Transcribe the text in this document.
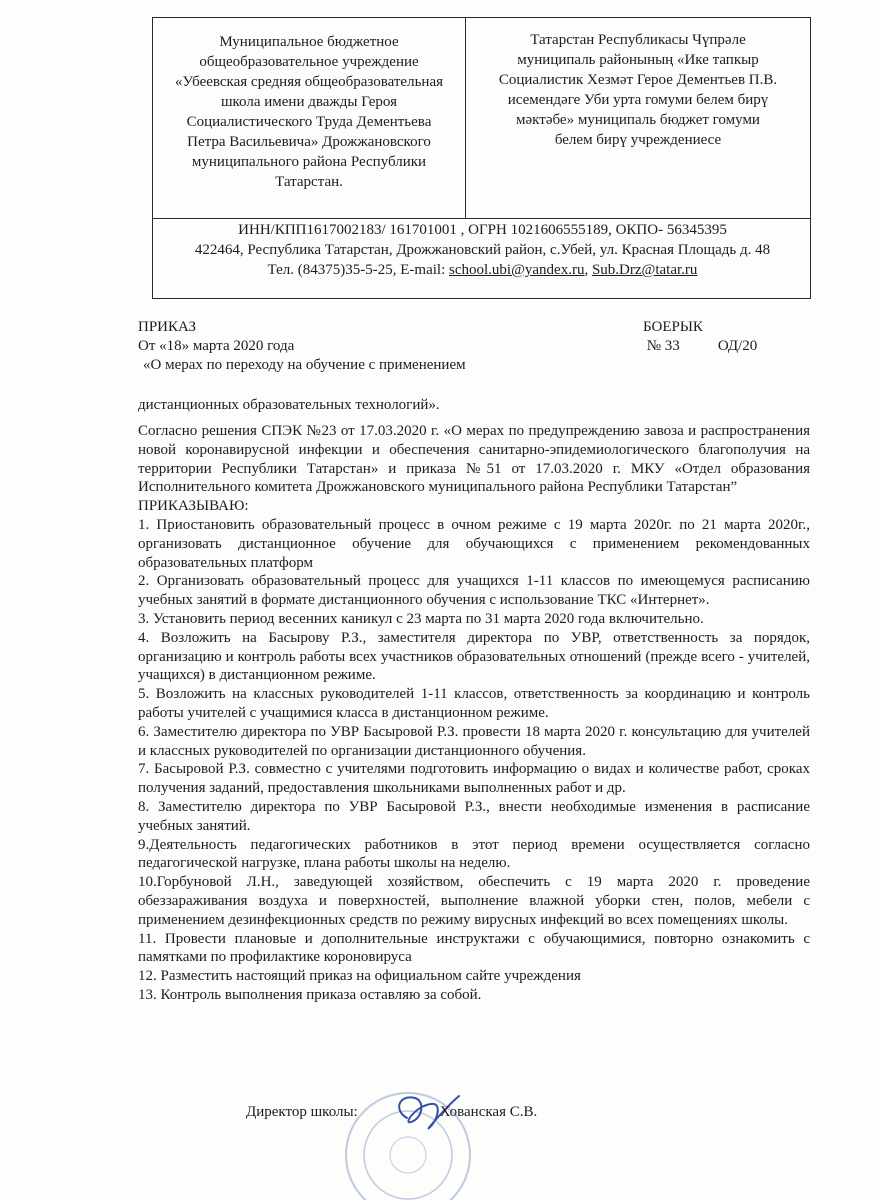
Муниципальное бюджетное
общеобразовательное учреждение
«Убеевская средняя общеобразовательная
школа имени дважды Героя
Социалистического Труда Дементьева
Петра Васильевича» Дрожжановского
муниципального района Республики
Татарстан.
Татарстан Республикасы Чүпрәле
муниципаль районының «Ике тапкыр
Социалистик Хезмәт Герое Дементьев П.В.
исемендәге Уби урта гомуми белем бирү
мәктәбе» муниципаль бюджет гомуми
белем бирү учреждениесе
ИНН/КПП1617002183/ 161701001 , ОГРН 1021606555189, ОКПО- 56345395
422464, Республика Татарстан, Дрожжановский район, с.Убей, ул. Красная Площадь д. 48
Тел. (84375)35-5-25, E-mail: school.ubi@yandex.ru, Sub.Drz@tatar.ru
ПРИКАЗ
От «18» марта 2020 года
БОЕРЫК
№ 33	ОД/20
«О мерах по переходу на обучение с применением
дистанционных образовательных технологий».

Согласно решения СПЭК №23 от 17.03.2020 г. «О мерах по предупреждению завоза и распространения новой коронавирусной инфекции и обеспечения санитарно-эпидемиологического благополучия на территории Республики Татарстан» и приказа №51 от 17.03.2020 г. МКУ «Отдел образования Исполнительного комитета Дрожжановского муниципального района Республики Татарстан”

ПРИКАЗЫВАЮ:

1. Приостановить образовательный процесс в очном режиме с 19 марта 2020г. по 21 марта 2020г., организовать дистанционное обучение для обучающихся с применением рекомендованных образовательных платформ

2. Организовать образовательный процесс для учащихся 1-11 классов по имеющемуся расписанию учебных занятий в формате дистанционного обучения с использование ТКС «Интернет».

3. Установить период весенних каникул с 23 марта по 31 марта 2020 года включительно.

4. Возложить на Басырову Р.З., заместителя директора по УВР, ответственность за порядок, организацию и контроль работы всех участников образовательных отношений (прежде всего - учителей, учащихся) в дистанционном режиме.

5. Возложить на классных руководителей 1-11 классов, ответственность за координацию и контроль работы учителей с учащимися класса в дистанционном режиме.

6. Заместителю директора по УВР Басыровой Р.З. провести 18 марта 2020 г. консультацию для учителей и классных руководителей по организации дистанционного обучения.

7. Басыровой Р.З. совместно с учителями подготовить информацию о видах и количестве работ, сроках получения заданий, предоставления школьниками выполненных работ и др.

8. Заместителю директора по УВР Басыровой Р.З., внести необходимые изменения в расписание учебных занятий.

9.Деятельность педагогических работников в этот период времени осуществляется согласно педагогической нагрузке, плана работы школы на неделю.

10.Горбуновой Л.Н., заведующей хозяйством, обеспечить с 19 марта 2020 г. проведение обеззараживания воздуха и поверхностей, выполнение влажной уборки стен, полов, мебели с применением дезинфекционных средств по режиму вирусных инфекций во всех помещениях школы.

11. Провести плановые и дополнительные инструктажи с обучающимися, повторно ознакомить с памятками по профилактике короновируса

12. Разместить настоящий приказ на официальном сайте учреждения

13. Контроль выполнения приказа оставляю за собой.

Директор школы:	Хованская С.В.
